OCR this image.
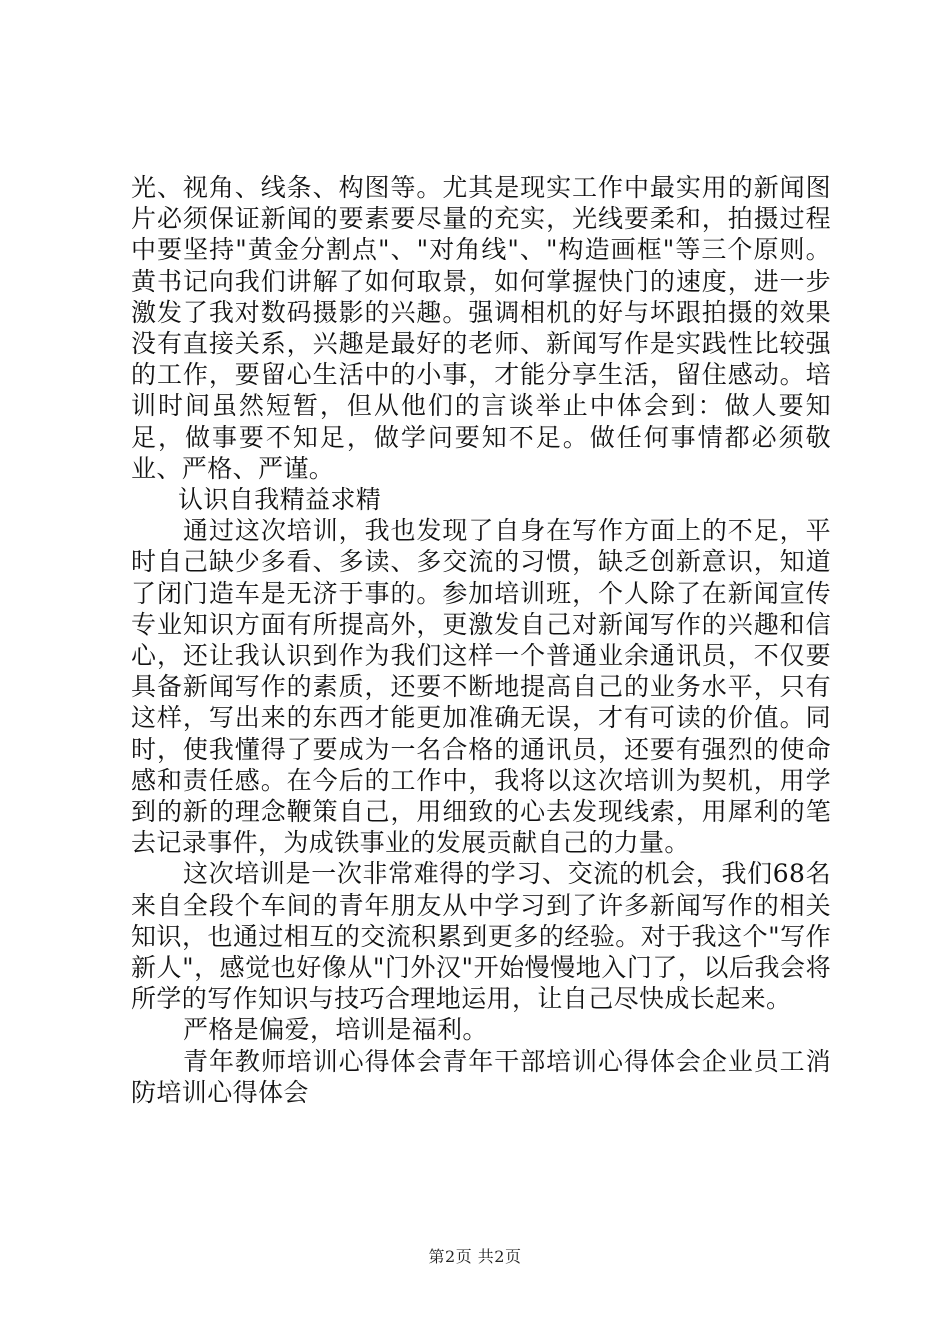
光、视角、线条、构图等。尤其是现实工作中最实用的新闻图片必须保证新闻的要素要尽量的充实，光线要柔和，拍摄过程中要坚持"黄金分割点"、"对角线"、"构造画框"等三个原则。黄书记向我们讲解了如何取景，如何掌握快门的速度，进一步激发了我对数码摄影的兴趣。强调相机的好与坏跟拍摄的效果没有直接关系，兴趣是最好的老师、新闻写作是实践性比较强的工作，要留心生活中的小事，才能分享生活，留住感动。培训时间虽然短暂，但从他们的言谈举止中体会到：做人要知足，做事要不知足，做学问要知不足。做任何事情都必须敬业、严格、严谨。

认识自我精益求精

通过这次培训，我也发现了自身在写作方面上的不足，平时自己缺少多看、多读、多交流的习惯，缺乏创新意识，知道了闭门造车是无济于事的。参加培训班，个人除了在新闻宣传专业知识方面有所提高外，更激发自己对新闻写作的兴趣和信心，还让我认识到作为我们这样一个普通业余通讯员，不仅要具备新闻写作的素质，还要不断地提高自己的业务水平，只有这样，写出来的东西才能更加准确无误，才有可读的价值。同时，使我懂得了要成为一名合格的通讯员，还要有强烈的使命感和责任感。在今后的工作中，我将以这次培训为契机，用学到的新的理念鞭策自己，用细致的心去发现线索，用犀利的笔去记录事件，为成铁事业的发展贡献自己的力量。

这次培训是一次非常难得的学习、交流的机会，我们68名来自全段个车间的青年朋友从中学习到了许多新闻写作的相关知识，也通过相互的交流积累到更多的经验。对于我这个"写作新人"，感觉也好像从"门外汉"开始慢慢地入门了，以后我会将所学的写作知识与技巧合理地运用，让自己尽快成长起来。

严格是偏爱，培训是福利。

青年教师培训心得体会青年干部培训心得体会企业员工消防培训心得体会

第2页 共2页
